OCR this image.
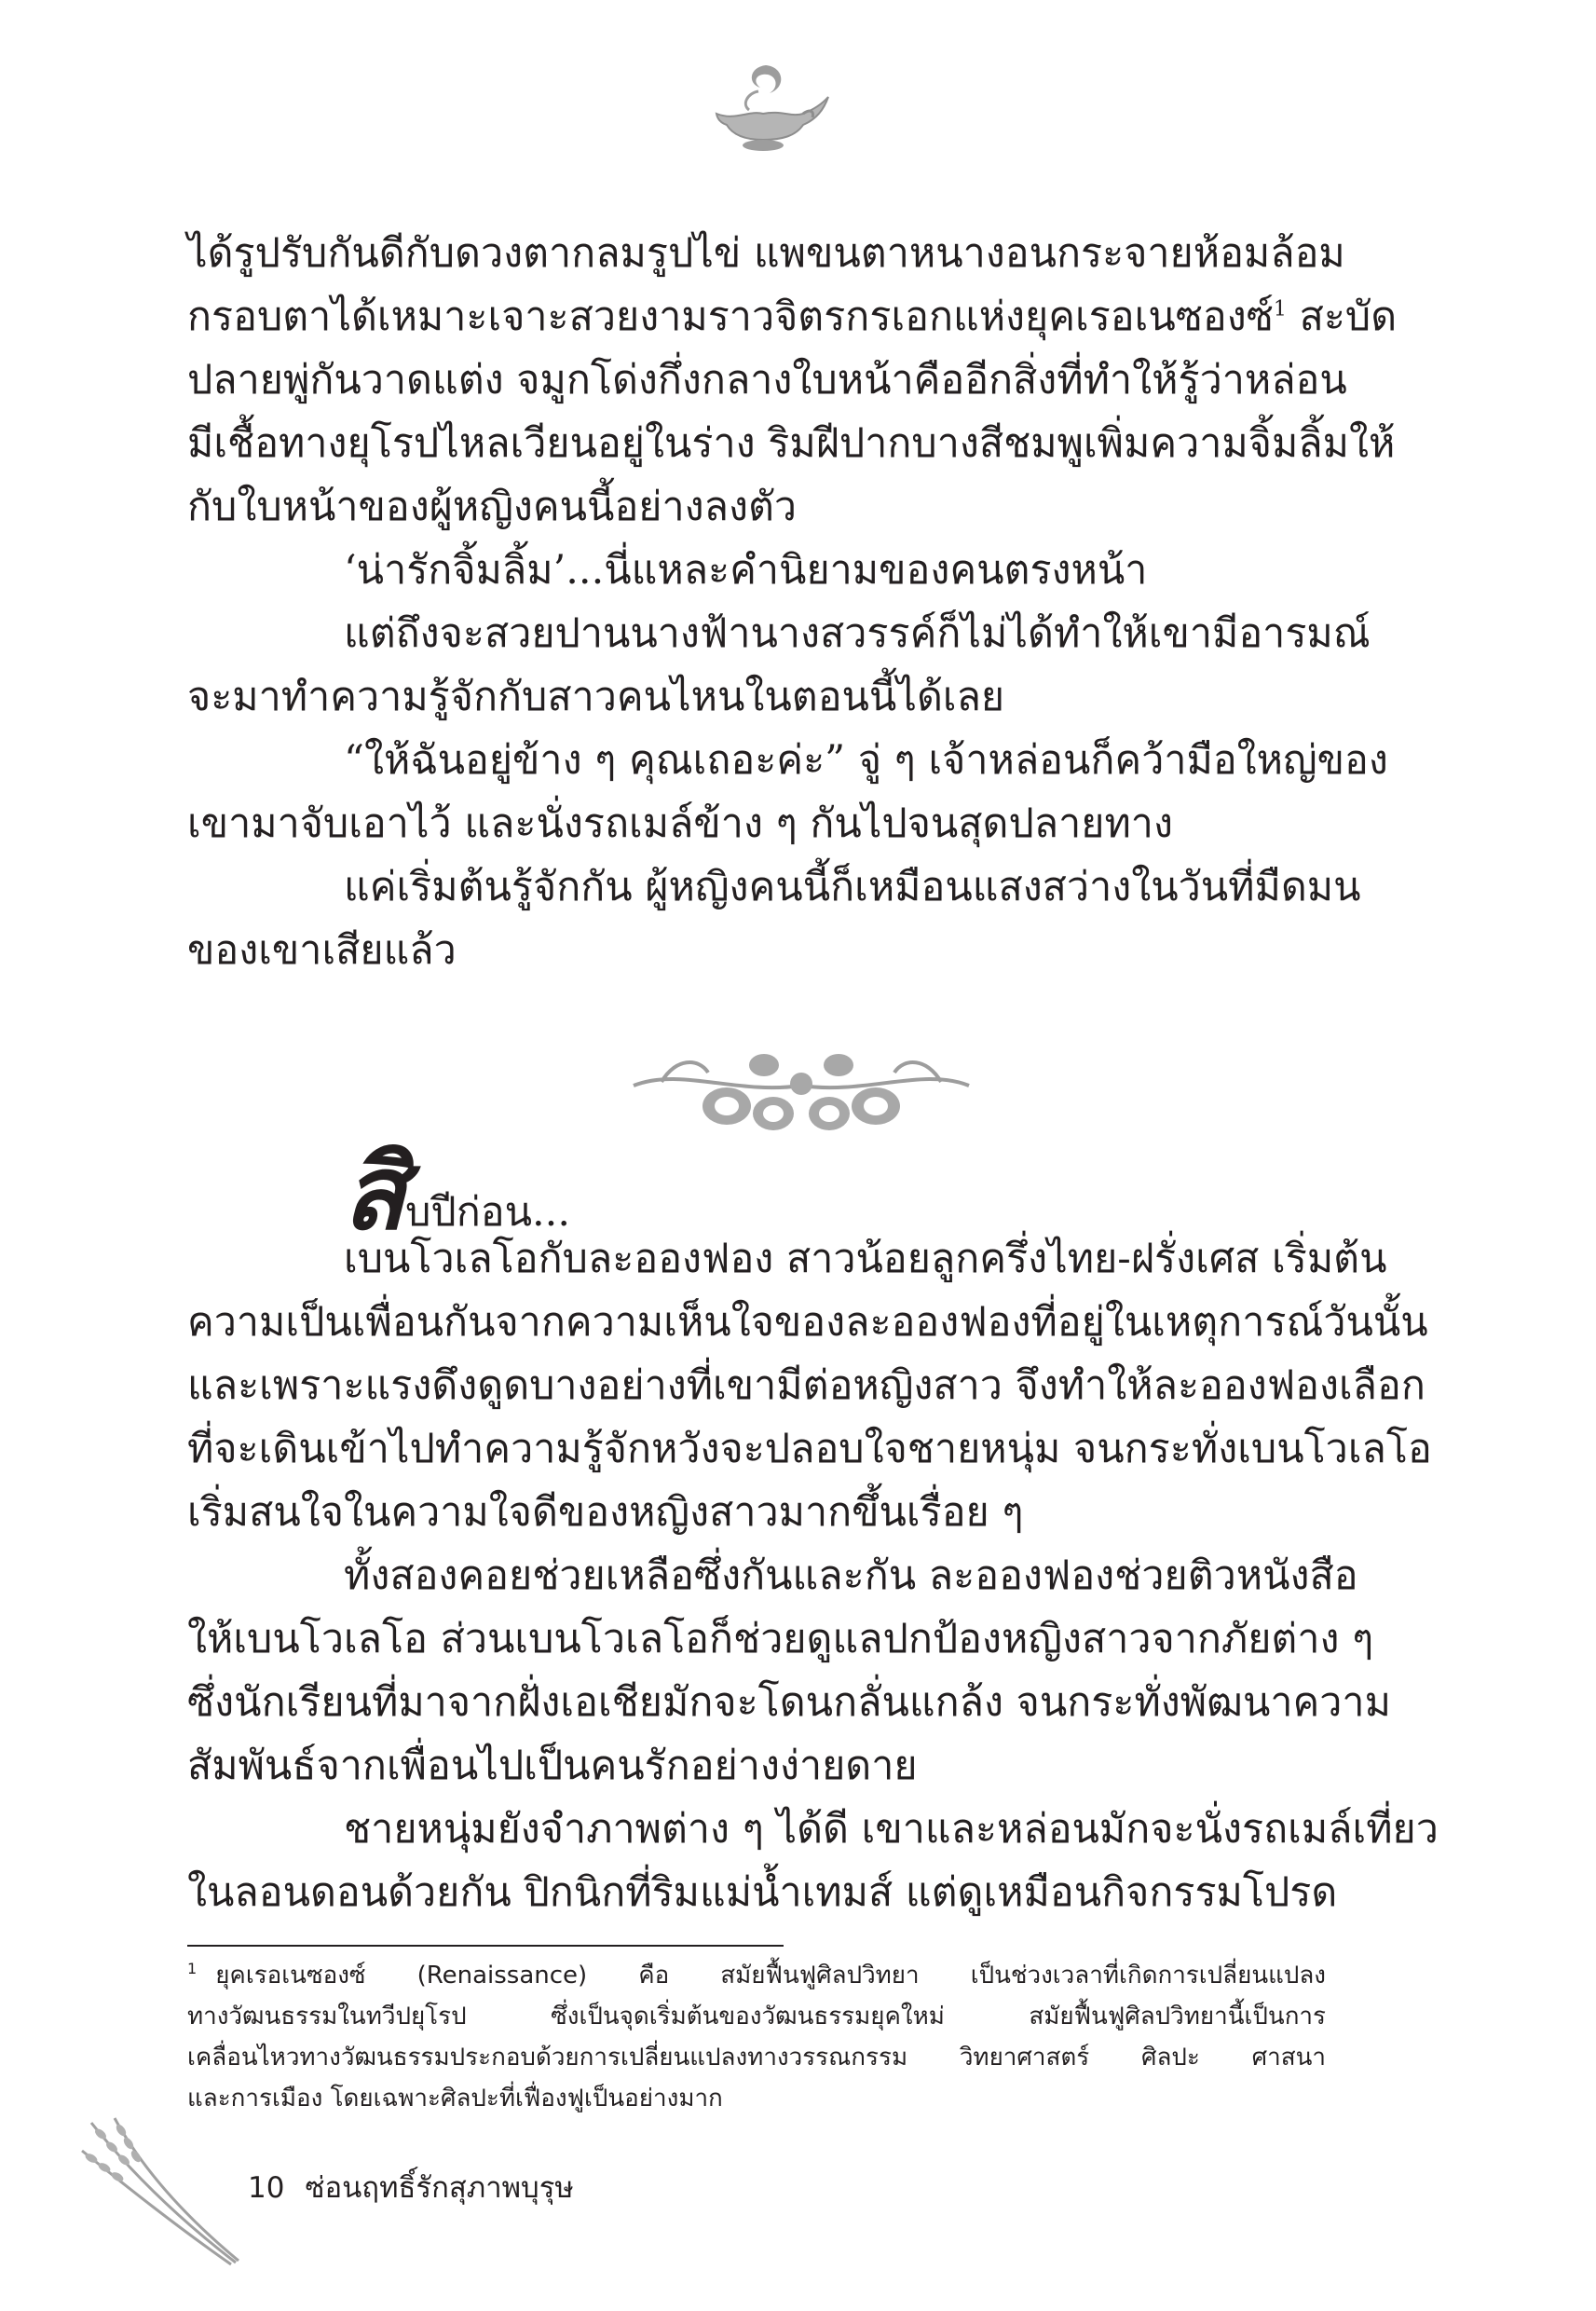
ได้รูปรับกันดีกับดวงตากลมรูปไข่ แพขนตาหนางอนกระจายห้อมล้อม
กรอบตาได้เหมาะเจาะสวยงามราวจิตรกรเอกแห่งยุคเรอเนซองซ์$^1$ สะบัด
ปลายพู่กันวาดแต่ง จมูกโด่งกึ่งกลางใบหน้าคืออีกสิ่งที่ทำให้รู้ว่าหล่อน
มีเชื้อทางยุโรปไหลเวียนอยู่ในร่าง ริมฝีปากบางสีชมพูเพิ่มความจิ้มลิ้มให้
กับใบหน้าของผู้หญิงคนนี้อย่างลงตัว
‘น่ารักจิ้มลิ้ม’...นี่แหละคำนิยามของคนตรงหน้า
แต่ถึงจะสวยปานนางฟ้านางสวรรค์ก็ไม่ได้ทำให้เขามีอารมณ์
จะมาทำความรู้จักกับสาวคนไหนในตอนนี้ได้เลย
“ให้ฉันอยู่ข้าง ๆ คุณเถอะค่ะ” จู่ ๆ เจ้าหล่อนก็คว้ามือใหญ่ของ
เขามาจับเอาไว้ และนั่งรถเมล์ข้าง ๆ กันไปจนสุดปลายทาง
แค่เริ่มต้นรู้จักกัน ผู้หญิงคนนี้ก็เหมือนแสงสว่างในวันที่มืดมน
ของเขาเสียแล้ว
สิบปีก่อน...
เบนโวเลโอกับละอองฟอง สาวน้อยลูกครึ่งไทย-ฝรั่งเศส เริ่มต้น
ความเป็นเพื่อนกันจากความเห็นใจของละอองฟองที่อยู่ในเหตุการณ์วันนั้น
และเพราะแรงดึงดูดบางอย่างที่เขามีต่อหญิงสาว จึงทำให้ละอองฟองเลือก
ที่จะเดินเข้าไปทำความรู้จักหวังจะปลอบใจชายหนุ่ม จนกระทั่งเบนโวเลโอ
เริ่มสนใจในความใจดีของหญิงสาวมากขึ้นเรื่อย ๆ
ทั้งสองคอยช่วยเหลือซึ่งกันและกัน ละอองฟองช่วยติวหนังสือ
ให้เบนโวเลโอ ส่วนเบนโวเลโอก็ช่วยดูแลปกป้องหญิงสาวจากภัยต่าง ๆ
ซึ่งนักเรียนที่มาจากฝั่งเอเชียมักจะโดนกลั่นแกล้ง จนกระทั่งพัฒนาความ
สัมพันธ์จากเพื่อนไปเป็นคนรักอย่างง่ายดาย
ชายหนุ่มยังจำภาพต่าง ๆ ได้ดี เขาและหล่อนมักจะนั่งรถเมล์เที่ยว
ในลอนดอนด้วยกัน ปิกนิกที่ริมแม่น้ำเทมส์ แต่ดูเหมือนกิจกรรมโปรด
$^1$ ยุคเรอเนซองซ์ (Renaissance) คือ สมัยฟื้นฟูศิลปวิทยา เป็นช่วงเวลาที่เกิดการเปลี่ยนแปลง
ทางวัฒนธรรมในทวีปยุโรป ซึ่งเป็นจุดเริ่มต้นของวัฒนธรรมยุคใหม่ สมัยฟื้นฟูศิลปวิทยานี้เป็นการ
เคลื่อนไหวทางวัฒนธรรมประกอบด้วยการเปลี่ยนแปลงทางวรรณกรรม วิทยาศาสตร์ ศิลปะ ศาสนา
และการเมือง โดยเฉพาะศิลปะที่เฟื่องฟูเป็นอย่างมาก
10 ซ่อนฤทธิ์รักสุภาพบุรุษ
